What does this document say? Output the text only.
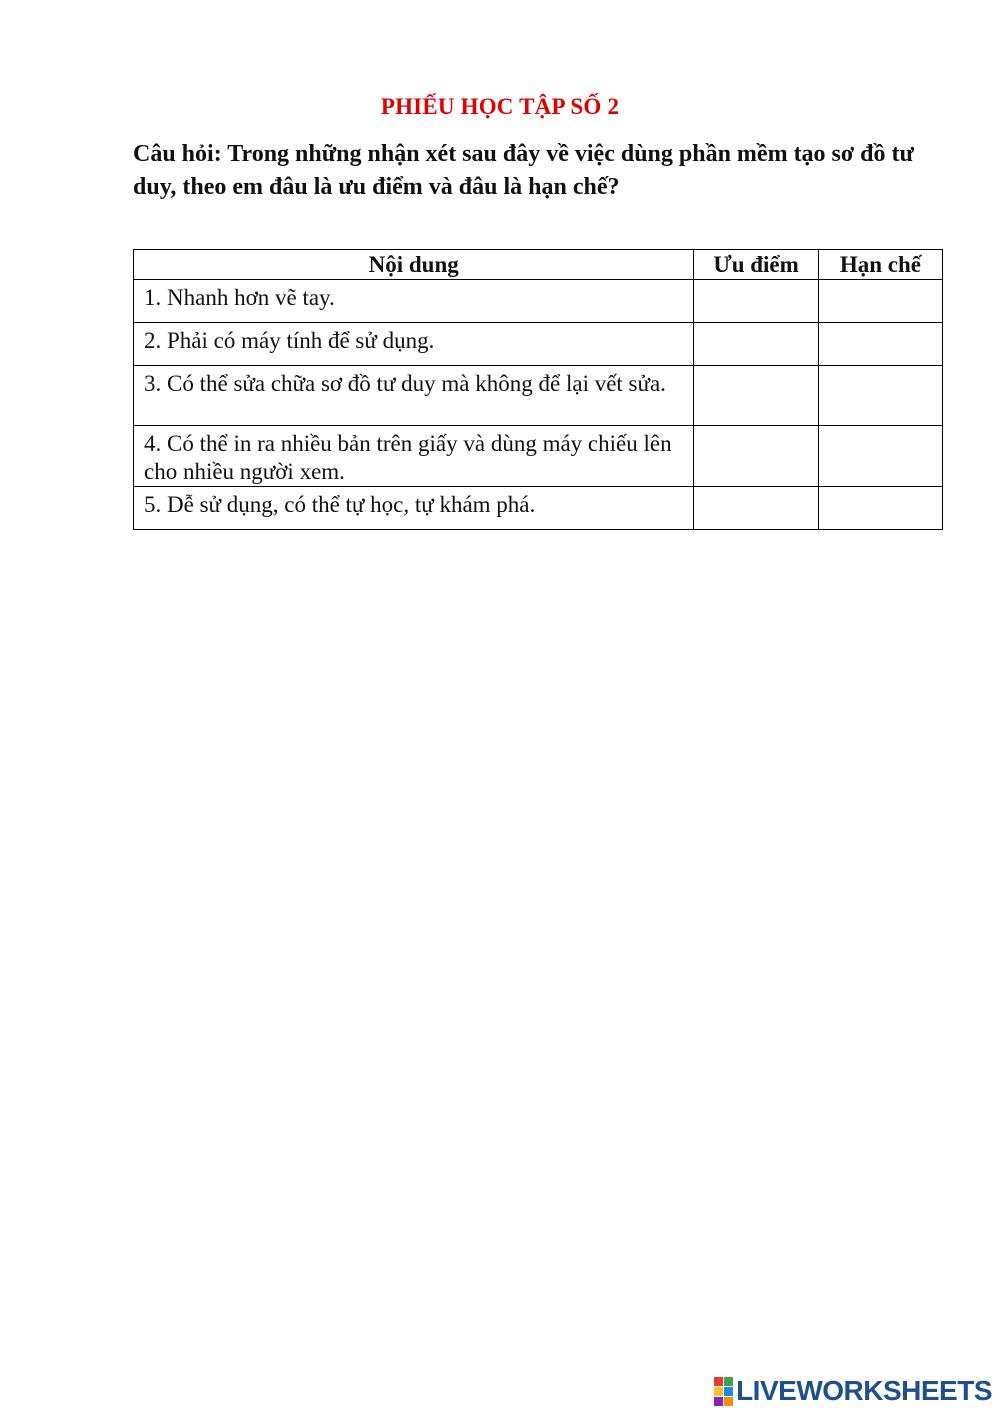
PHIẾU HỌC TẬP SỐ 2
Câu hỏi: Trong những nhận xét sau đây về việc dùng phần mềm tạo sơ đồ tư duy, theo em đâu là ưu điểm và đâu là hạn chế?
Nội dung	Ưu điểm	Hạn chế
1. Nhanh hơn vẽ tay.		
2. Phải có máy tính để sử dụng.		
3. Có thể sửa chữa sơ đồ tư duy mà không để lại vết sửa.		
4. Có thể in ra nhiều bản trên giấy và dùng máy chiếu lên cho nhiều người xem.		
5. Dễ sử dụng, có thể tự học, tự khám phá.		
LIVEWORKSHEETS
